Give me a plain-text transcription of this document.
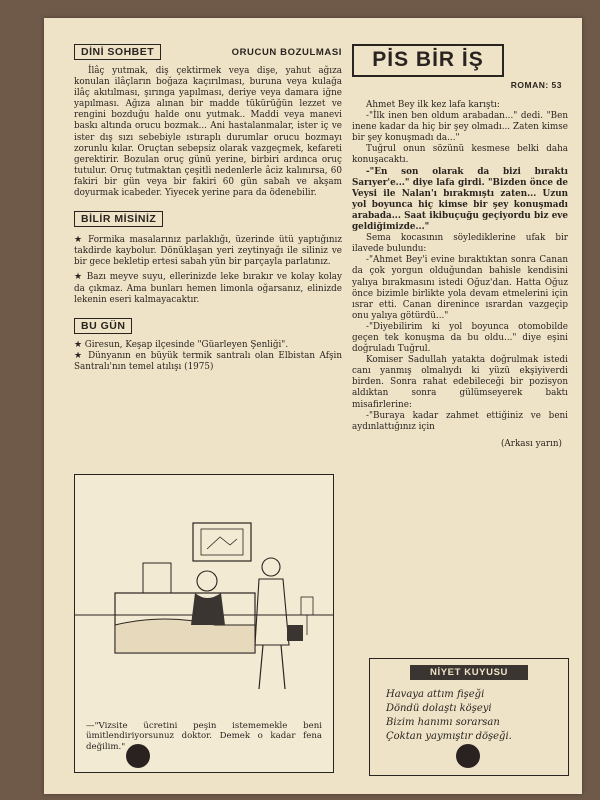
DİNİ SOHBET	ORUCUN BOZULMASI

İlâç yutmak, diş çektirmek veya dişe, yahut ağıza konulan ilâçların boğaza kaçırılması, buruna veya kulağa ilâç akıtılması, şırınga yapılması, deriye veya damara iğne yapılması. Ağıza alınan bir madde tükürüğün lezzet ve rengini bozduğu halde onu yutmak.. Maddi veya manevi baskı altında orucu bozmak... Ani hastalanmalar, ister iç ve ister dış sızı sebebiyle ıstıraplı durumlar orucu bozmayı zorunlu kılar. Oruçtan sebepsiz olarak vazgeçmek, kefareti gerektirir. Bozulan oruç günü yerine, birbiri ardınca oruç tutulur. Oruç tutmaktan çeşitli nedenlerle âciz kalınırsa, 60 fakiri bir gün veya bir fakiri 60 gün sabah ve akşam doyurmak icabeder. Yiyecek yerine para da ödenebilir.

BİLİR MİSİNİZ

★ Formika masalarınız parlaklığı, üzerinde ütü yaptığınız takdirde kaybolur. Dönüklaşan yeri zeytinyağı ile siliniz ve bir gece bekletip ertesi sabah yün bir parçayla parlatınız.

★ Bazı meyve suyu, ellerinizde leke bırakır ve kolay kolay da çıkmaz. Ama bunları hemen limonla oğarsanız, elinizde lekenin eseri kalmayacaktır.

BU GÜN

★ Giresun, Keşap ilçesinde "Güarleyen Şenliği".

★ Dünyanın en büyük termik santralı olan Elbistan Afşin Santralı'nın temel atılışı (1975)

—"Vizsite ücretini peşin istememekle beni ümitlendiriyorsunuz doktor. Demek o kadar fena değilim."

PİS BİR İŞ
ROMAN: 53

Ahmet Bey ilk kez lafa karıştı:

-"İlk inen ben oldum arabadan..." dedi. "Ben inene kadar da hiç bir şey olmadı... Zaten kimse bir şey konuşmadı da..."

Tuğrul onun sözünü kesmese belki daha konuşacaktı.

-"En son olarak da bizi bıraktı Sarıyer'e..." diye lafa girdi. "Bizden önce de Veysi ile Nalan'ı bırakmıştı zaten... Uzun yol boyunca hiç kimse bir şey konuşmadı arabada... Saat ikibuçuğu geçiyordu biz eve geldiğimizde..."

Sema kocasının söylediklerine ufak bir ilavede bulundu:

-"Ahmet Bey'i evine bıraktıktan sonra Canan da çok yorgun olduğundan bahisle kendisini yalıya bırakmasını istedi Oğuz'dan. Hatta Oğuz önce bizimle birlikte yola devam etmelerini için ısrar etti. Canan direnince ısrardan vazgeçip onu yalıya götürdü..."

-"Diyebilirim ki yol boyunca otomobilde geçen tek konuşma da bu oldu..." diye eşini doğruladı Tuğrul.

Komiser Sadullah yatakta doğrulmak istedi canı yanmış olmalıydı ki yüzü ekşiyiverdi birden. Sonra rahat edebileceği bir pozisyon aldıktan sonra gülümseyerek baktı misafirlerine:

-"Buraya kadar zahmet ettiğiniz ve beni aydınlattığınız için

(Arkası yarın)
NİYET KUYUSU
Havaya attım fişeği
Döndü dolaştı köşeyi
Bizim hanımı sorarsan
Çoktan yaymıştır döşeği.
